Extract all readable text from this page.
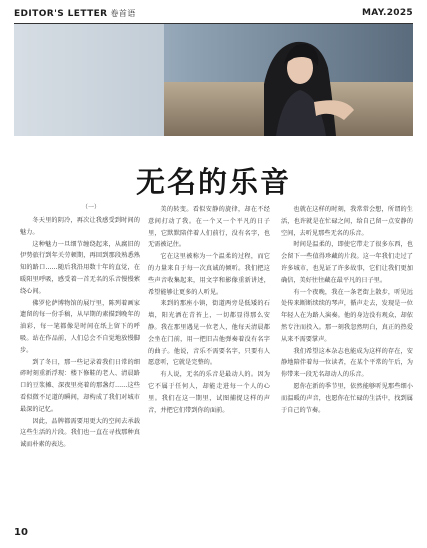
EDITOR'S LETTER 卷首语	MAY.2025
无名的乐音
（一）

冬天里的阴冷，再次让我感受到时间的魅力。

这种魅力一旦细节缠绕起来，从腐旧的伊势旅行到年关劳顿期，再回到那段熟悉熟知的路口……随后我沿用数十年的直觉，在暖阳里呼吸，感受着一首无名的乐音慢慢萦绕心间。

佛罗伦萨博物馆的展厅里，陈列着画家遗留的每一份手稿，从早期的素描到晚年的油彩，每一笔都像是时间在纸上留下的呼吸。站在作品前，人们总会不自觉地放慢脚步。

到了冬日，那一些记录着我们日常的细碎时刻重新浮现：楼下修鞋的老人、清晨路口的豆浆摊、深夜里亮着的那盏灯……这些看似微不足道的瞬间，却构成了我们对城市最深的记忆。

因此，品牌都需要用更大的空间去承载这些生活的片段。我们也一直在寻找那种真诚而朴素的表达。

美的转变。看似安静的旋律，却在不经意间打动了我。在一个又一个平凡的日子里，它默默陪伴着人们前行，没有名字，也无需被记住。

它在这里被称为一个温柔的过程，而它的力量来自于每一次真诚的倾听。我们把这些声音收集起来，用文字和影像重新讲述，希望能够让更多的人听见。

来到的那座小镇，街道两旁是低矮的石墙，阳光洒在青苔上，一切都显得那么安静。我在那里遇见一位老人，他每天清晨都会坐在门前，用一把旧吉他弹奏着没有名字的曲子。他说，音乐不需要名字，只要有人愿意听，它就是完整的。

有人说，无名的乐音是最动人的。因为它不属于任何人，却能走进每一个人的心里。我们在这一期里，试图捕捉这样的声音，并把它们带到你的面前。

也就在这样的时刻，我常常会想，所谓的生活，也许就是在忙碌之间，给自己留一点安静的空间，去听见那些无名的乐音。

时间是温柔的，即使它带走了很多东西，也会留下一些值得珍藏的片段。这一年我们走过了许多城市，也见证了许多故事，它们让我们更加确信，美好往往藏在最平凡的日子里。

有一个夜晚，我在一条老街上散步，听见远处传来断断续续的琴声，循声走去，发现是一位年轻人在为路人演奏。他的身边没有观众，却依然专注而投入。那一刻我忽然明白，真正的热爱从来不需要掌声。

我们希望这本杂志也能成为这样的存在，安静地陪伴着每一位读者，在某个平常的午后，为你带来一段无名却动人的乐音。

愿你在新的季节里，依然能够听见那些细小而温暖的声音，也愿你在忙碌的生活中，找到属于自己的节奏。

10
